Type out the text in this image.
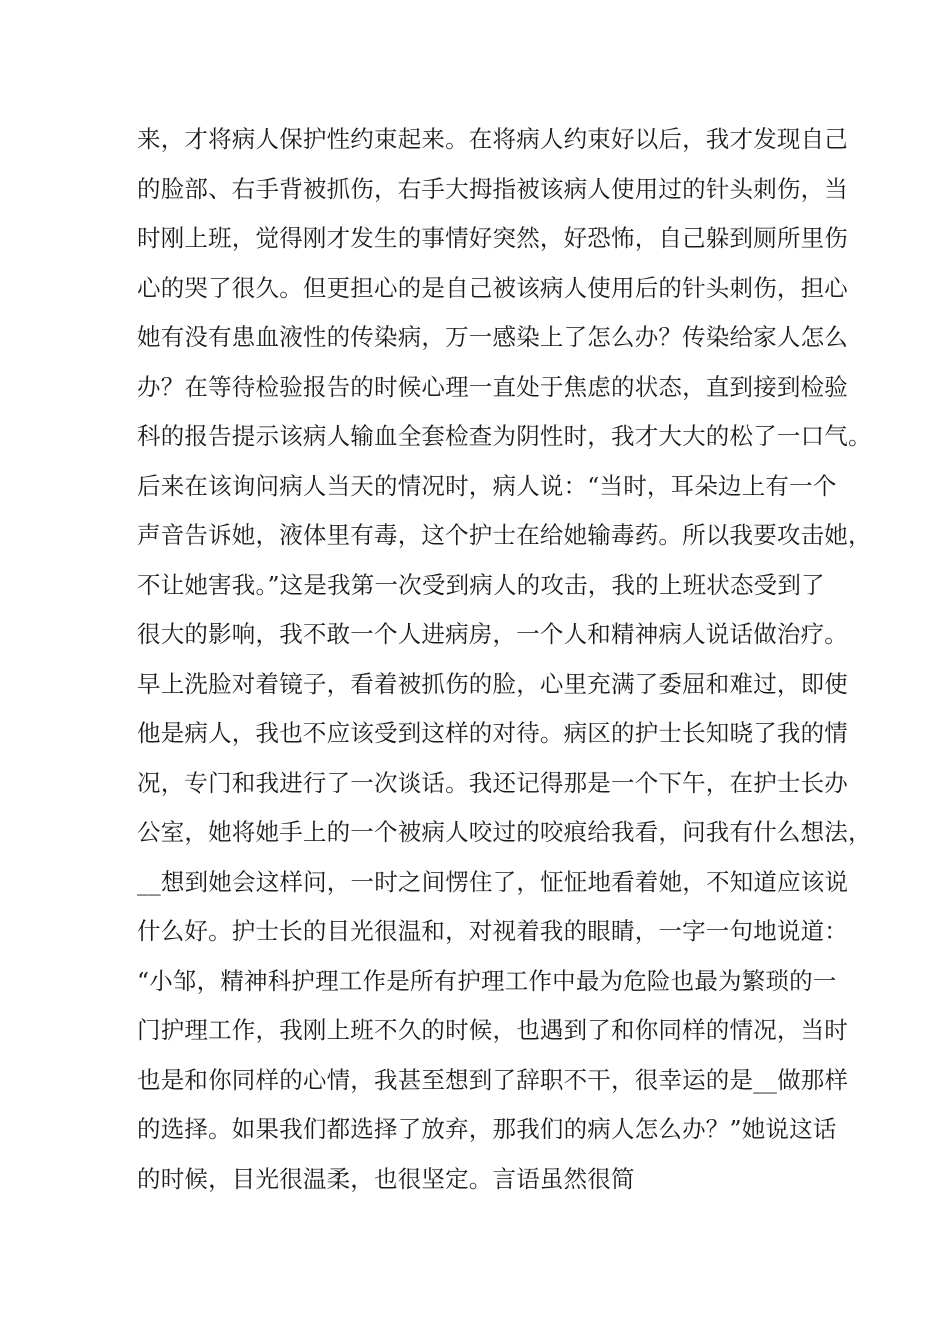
来，才将病人保护性约束起来。在将病人约束好以后，我才发现自己
的脸部、右手背被抓伤，右手大拇指被该病人使用过的针头刺伤，当
时刚上班，觉得刚才发生的事情好突然，好恐怖，自己躲到厕所里伤
心的哭了很久。但更担心的是自己被该病人使用后的针头刺伤，担心
她有没有患血液性的传染病，万一感染上了怎么办？传染给家人怎么
办？在等待检验报告的时候心理一直处于焦虑的状态，直到接到检验
科的报告提示该病人输血全套检查为阴性时，我才大大的松了一口气。
后来在该询问病人当天的情况时，病人说：“当时，耳朵边上有一个
声音告诉她，液体里有毒，这个护士在给她输毒药。所以我要攻击她，
不让她害我。”这是我第一次受到病人的攻击，我的上班状态受到了
很大的影响，我不敢一个人进病房，一个人和精神病人说话做治疗。
早上洗脸对着镜子，看着被抓伤的脸，心里充满了委屈和难过，即使
他是病人，我也不应该受到这样的对待。病区的护士长知晓了我的情
况，专门和我进行了一次谈话。我还记得那是一个下午，在护士长办
公室，她将她手上的一个被病人咬过的咬痕给我看，问我有什么想法，
__想到她会这样问，一时之间愣住了，怔怔地看着她，不知道应该说
什么好。护士长的目光很温和，对视着我的眼睛，一字一句地说道：
“小邹，精神科护理工作是所有护理工作中最为危险也最为繁琐的一
门护理工作，我刚上班不久的时候，也遇到了和你同样的情况，当时
也是和你同样的心情，我甚至想到了辞职不干，很幸运的是__做那样
的选择。如果我们都选择了放弃，那我们的病人怎么办？”她说这话
的时候，目光很温柔，也很坚定。言语虽然很简
